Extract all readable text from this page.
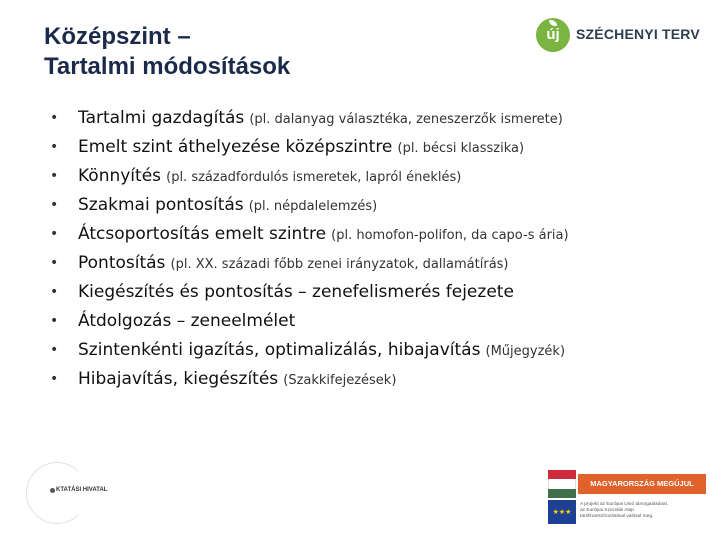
Középszint –
Tartalmi módosítások
új	SZÉCHENYI TERV
• Tartalmi gazdagítás (pl. dalanyag választéka, zeneszerzők ismerete)
• Emelt szint áthelyezése középszintre (pl. bécsi klasszika)
• Könnyítés (pl. századfordulós ismeretek, lapról éneklés)
• Szakmai pontosítás (pl. népdalelemzés)
• Átcsoportosítás emelt szintre (pl. homofon-polifon, da capo-s ária)
• Pontosítás (pl. XX. századi főbb zenei irányzatok, dallamátírás)
• Kiegészítés és pontosítás – zenefelismerés fejezete
• Átdolgozás – zeneelmélet
• Szintenkénti igazítás, optimalizálás, hibajavítás (Műjegyzék)
• Hibajavítás, kiegészítés (Szakkifejezések)
KTATÁSI HIVATAL
MAGYARORSZÁG MEGÚJUL
★★★
A projekt az Európai Unió támogatásával,
az Európai Szociális Alap
társfinanszírozásával valósul meg.
